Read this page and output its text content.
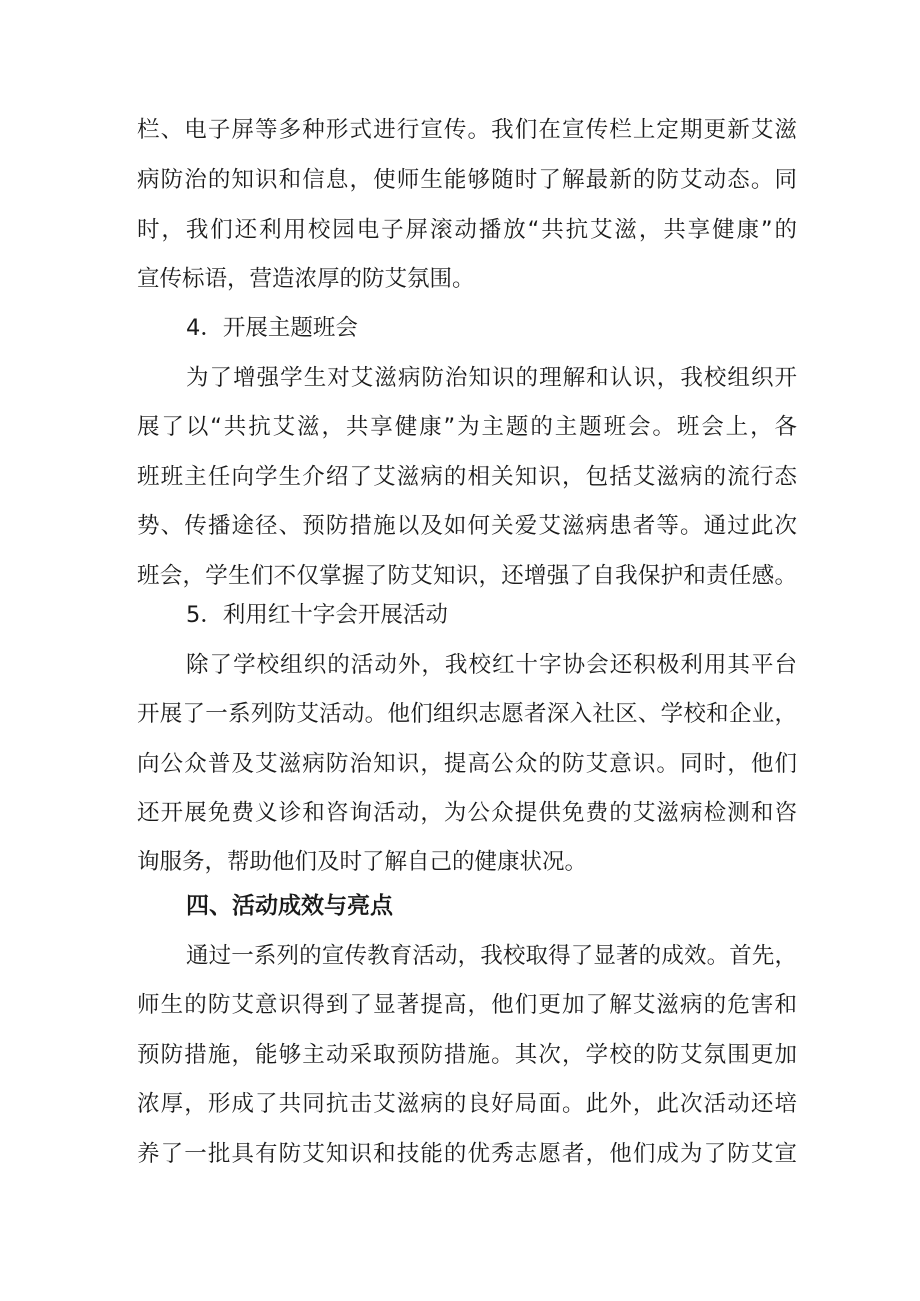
栏、电子屏等多种形式进行宣传。我们在宣传栏上定期更新艾滋
病防治的知识和信息，使师生能够随时了解最新的防艾动态。同
时，我们还利用校园电子屏滚动播放“共抗艾滋，共享健康”的
宣传标语，营造浓厚的防艾氛围。
4．开展主题班会
为了增强学生对艾滋病防治知识的理解和认识，我校组织开
展了以“共抗艾滋，共享健康”为主题的主题班会。班会上，各
班班主任向学生介绍了艾滋病的相关知识，包括艾滋病的流行态
势、传播途径、预防措施以及如何关爱艾滋病患者等。通过此次
班会，学生们不仅掌握了防艾知识，还增强了自我保护和责任感。
5．利用红十字会开展活动
除了学校组织的活动外，我校红十字协会还积极利用其平台
开展了一系列防艾活动。他们组织志愿者深入社区、学校和企业，
向公众普及艾滋病防治知识，提高公众的防艾意识。同时，他们
还开展免费义诊和咨询活动，为公众提供免费的艾滋病检测和咨
询服务，帮助他们及时了解自己的健康状况。
四、活动成效与亮点
通过一系列的宣传教育活动，我校取得了显著的成效。首先，
师生的防艾意识得到了显著提高，他们更加了解艾滋病的危害和
预防措施，能够主动采取预防措施。其次，学校的防艾氛围更加
浓厚，形成了共同抗击艾滋病的良好局面。此外，此次活动还培
养了一批具有防艾知识和技能的优秀志愿者，他们成为了防艾宣
